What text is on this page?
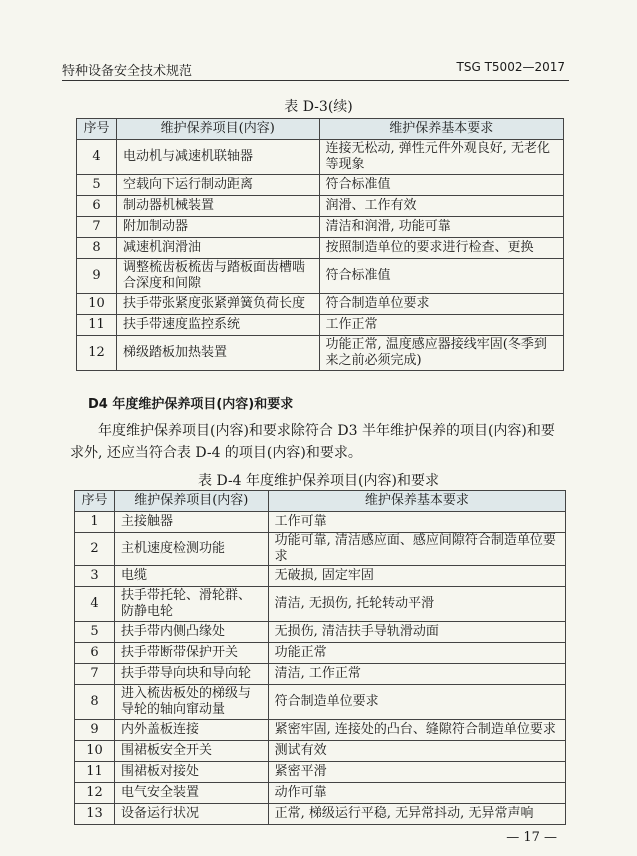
特种设备安全技术规范	TSG T5002—2017
表 D-3(续)
序号	维护保养项目(内容)	维护保养基本要求
4	电动机与减速机联轴器	连接无松动, 弹性元件外观良好, 无老化等现象
5	空载向下运行制动距离	符合标准值
6	制动器机械装置	润滑、工作有效
7	附加制动器	清洁和润滑, 功能可靠
8	减速机润滑油	按照制造单位的要求进行检查、更换
9	调整梳齿板梳齿与踏板面齿槽啮合深度和间隙	符合标准值
10	扶手带张紧度张紧弹簧负荷长度	符合制造单位要求
11	扶手带速度监控系统	工作正常
12	梯级踏板加热装置	功能正常, 温度感应器接线牢固(冬季到来之前必须完成)
D4 年度维护保养项目(内容)和要求
年度维护保养项目(内容)和要求除符合 D3 半年维护保养的项目(内容)和要求外, 还应当符合表 D-4 的项目(内容)和要求。
表 D-4 年度维护保养项目(内容)和要求
序号	维护保养项目(内容)	维护保养基本要求
1	主接触器	工作可靠
2	主机速度检测功能	功能可靠, 清洁感应面、感应间隙符合制造单位要求
3	电缆	无破损, 固定牢固
4	扶手带托轮、滑轮群、防静电轮	清洁, 无损伤, 托轮转动平滑
5	扶手带内侧凸缘处	无损伤, 清洁扶手导轨滑动面
6	扶手带断带保护开关	功能正常
7	扶手带导向块和导向轮	清洁, 工作正常
8	进入梳齿板处的梯级与导轮的轴向窜动量	符合制造单位要求
9	内外盖板连接	紧密牢固, 连接处的凸台、缝隙符合制造单位要求
10	围裙板安全开关	测试有效
11	围裙板对接处	紧密平滑
12	电气安全装置	动作可靠
13	设备运行状况	正常, 梯级运行平稳, 无异常抖动, 无异常声响
— 17 —
